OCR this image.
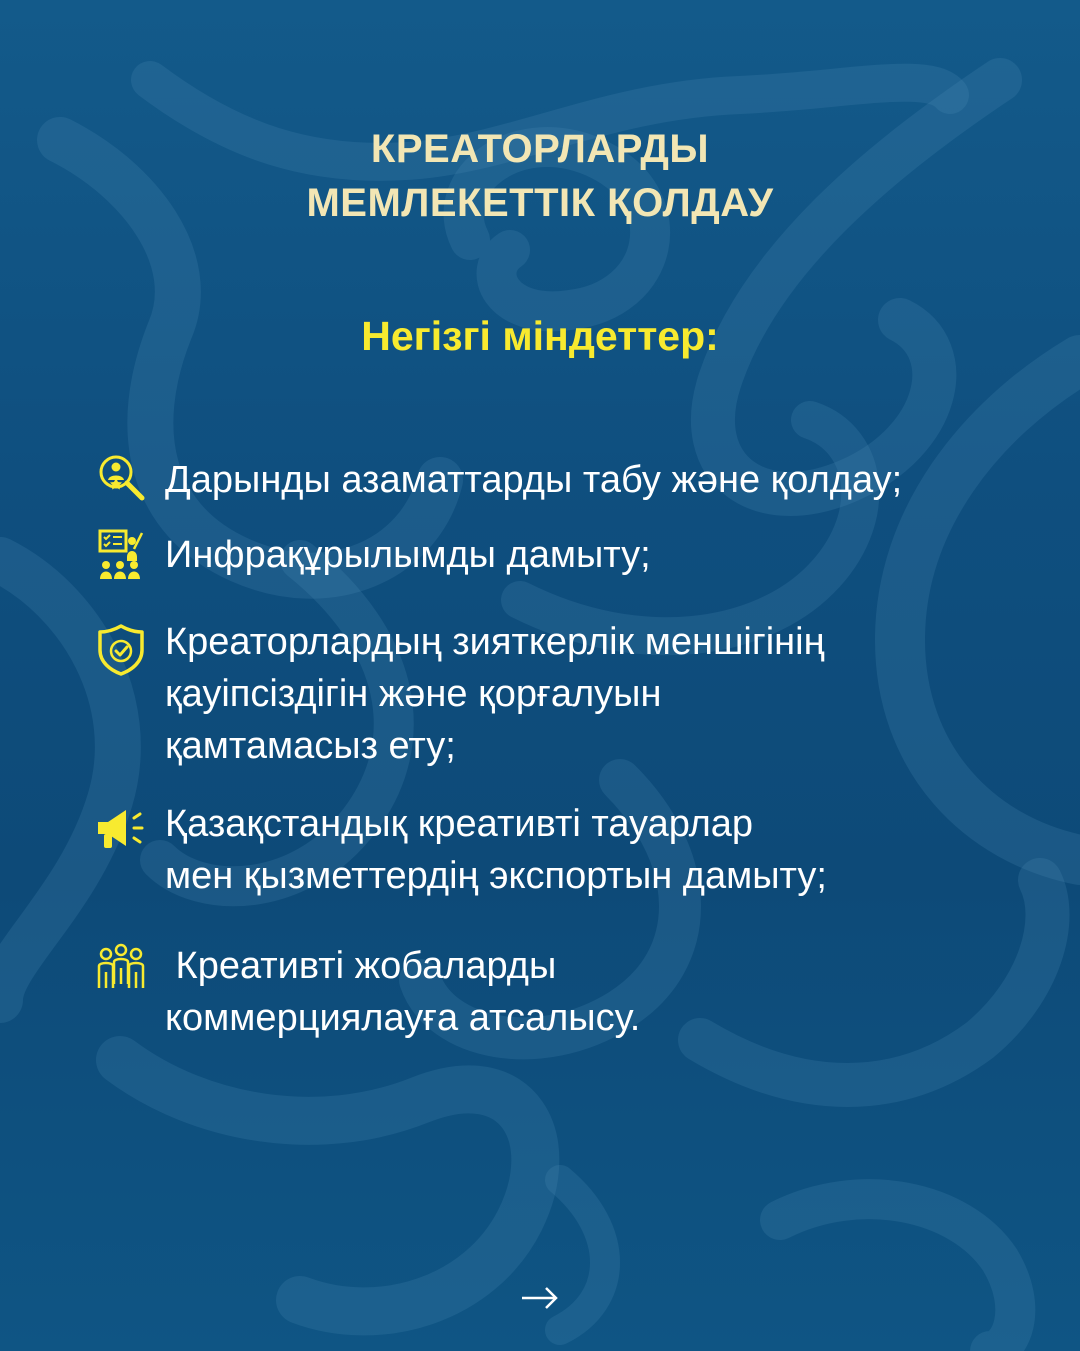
КРЕАТОРЛАРДЫ
МЕМЛЕКЕТТІК ҚОЛДАУ
Негізгі міндеттер:
Дарынды азаматтарды табу және қолдау;
Инфрақұрылымды дамыту;
Креаторлардың зияткерлік меншігінің
қауіпсіздігін және қорғалуын
қамтамасыз ету;
Қазақстандық креативті тауарлар
мен қызметтердің экспортын дамыту;
Креативті жобаларды
коммерциялауға атсалысу.
